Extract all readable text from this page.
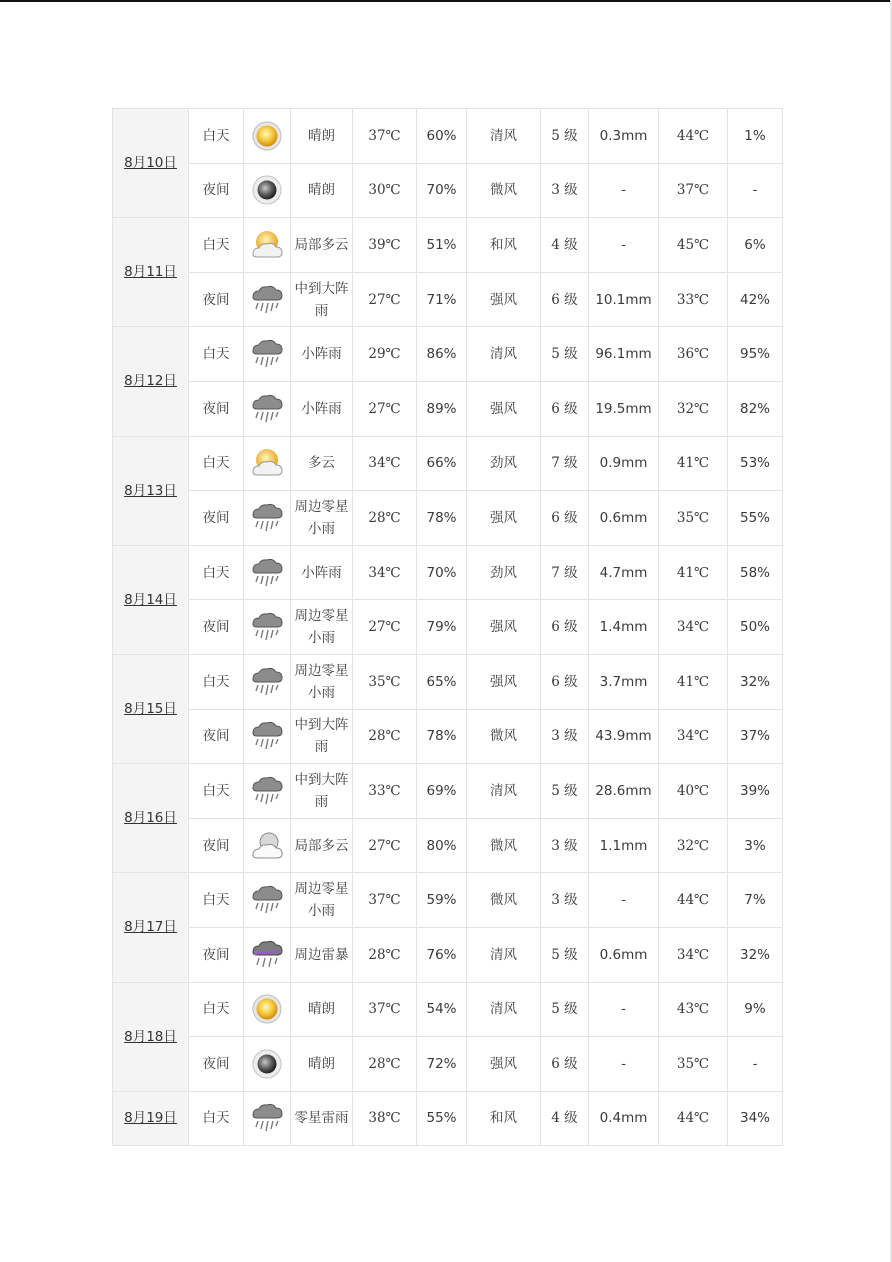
8月10日	白天		晴朗	37℃	60%	清风	5 级	0.3mm	44℃	1%
	夜间		晴朗	30℃	70%	微风	3 级	-	37℃	-
8月11日	白天		局部多云	39℃	51%	和风	4 级	-	45℃	6%
	夜间		中到大阵雨	27℃	71%	强风	6 级	10.1mm	33℃	42%
8月12日	白天		小阵雨	29℃	86%	清风	5 级	96.1mm	36℃	95%
	夜间		小阵雨	27℃	89%	强风	6 级	19.5mm	32℃	82%
8月13日	白天		多云	34℃	66%	劲风	7 级	0.9mm	41℃	53%
	夜间		周边零星小雨	28℃	78%	强风	6 级	0.6mm	35℃	55%
8月14日	白天		小阵雨	34℃	70%	劲风	7 级	4.7mm	41℃	58%
	夜间		周边零星小雨	27℃	79%	强风	6 级	1.4mm	34℃	50%
8月15日	白天		周边零星小雨	35℃	65%	强风	6 级	3.7mm	41℃	32%
	夜间		中到大阵雨	28℃	78%	微风	3 级	43.9mm	34℃	37%
8月16日	白天		中到大阵雨	33℃	69%	清风	5 级	28.6mm	40℃	39%
	夜间		局部多云	27℃	80%	微风	3 级	1.1mm	32℃	3%
8月17日	白天		周边零星小雨	37℃	59%	微风	3 级	-	44℃	7%
	夜间		周边雷暴	28℃	76%	清风	5 级	0.6mm	34℃	32%
8月18日	白天		晴朗	37℃	54%	清风	5 级	-	43℃	9%
	夜间		晴朗	28℃	72%	强风	6 级	-	35℃	-
8月19日	白天		零星雷雨	38℃	55%	和风	4 级	0.4mm	44℃	34%
